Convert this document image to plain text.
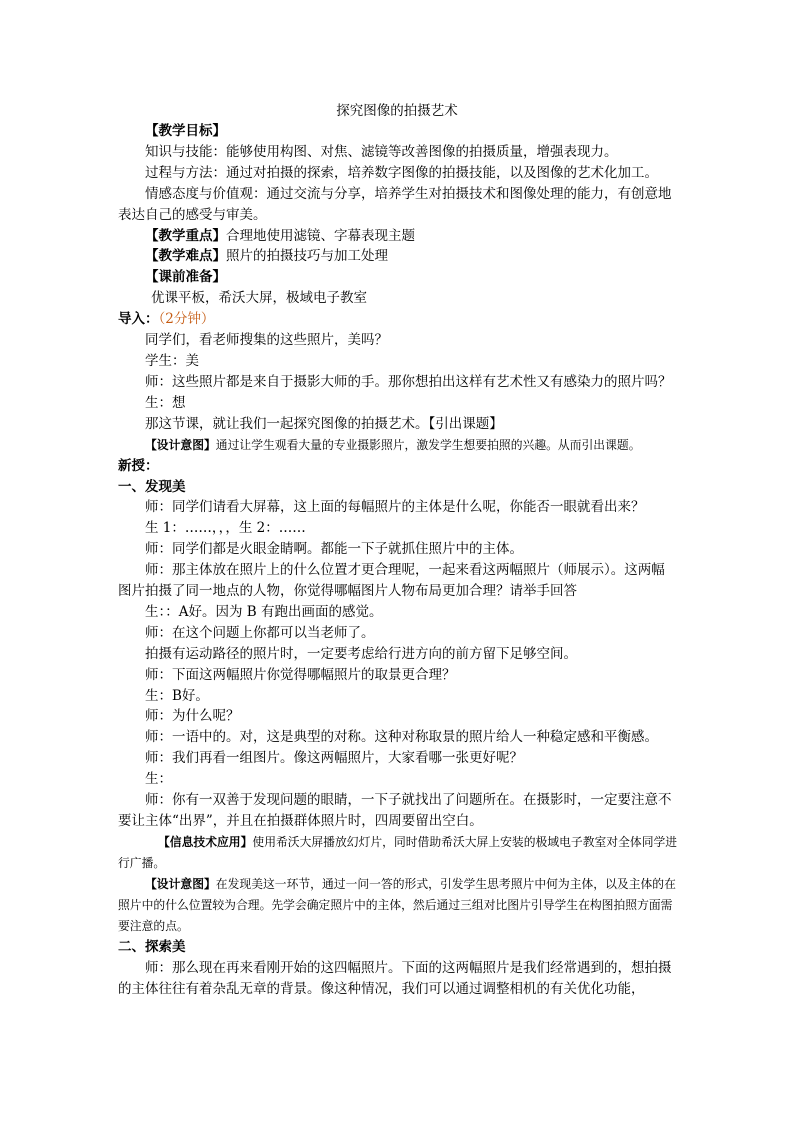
探究图像的拍摄艺术

【教学目标】

知识与技能：能够使用构图、对焦、滤镜等改善图像的拍摄质量，增强表现力。

过程与方法：通过对拍摄的探索，培养数字图像的拍摄技能，以及图像的艺术化加工。

情感态度与价值观：通过交流与分享，培养学生对拍摄技术和图像处理的能力，有创意地表达自己的感受与审美。

【教学重点】合理地使用滤镜、字幕表现主题

【教学难点】照片的拍摄技巧与加工处理

【课前准备】

优课平板，希沃大屏，极域电子教室

导入：（2分钟）

同学们，看老师搜集的这些照片，美吗？

学生：美

师：这些照片都是来自于摄影大师的手。那你想拍出这样有艺术性又有感染力的照片吗？

生：想

那这节课，就让我们一起探究图像的拍摄艺术。【引出课题】

【设计意图】通过让学生观看大量的专业摄影照片，激发学生想要拍照的兴趣。从而引出课题。

新授：

一、发现美

师：同学们请看大屏幕，这上面的每幅照片的主体是什么呢，你能否一眼就看出来？

生 1：……，，，生 2：……

师：同学们都是火眼金睛啊。都能一下子就抓住照片中的主体。

师：那主体放在照片上的什么位置才更合理呢，一起来看这两幅照片（师展示）。这两幅图片拍摄了同一地点的人物，你觉得哪幅图片人物布局更加合理？请举手回答

生：：A好。因为 B 有跑出画面的感觉。

师：在这个问题上你都可以当老师了。

拍摄有运动路径的照片时，一定要考虑给行进方向的前方留下足够空间。

师：下面这两幅照片你觉得哪幅照片的取景更合理？

生：B好。

师：为什么呢？

师：一语中的。对，这是典型的对称。这种对称取景的照片给人一种稳定感和平衡感。

师：我们再看一组图片。像这两幅照片，大家看哪一张更好呢？

生：

师：你有一双善于发现问题的眼睛，一下子就找出了问题所在。在摄影时，一定要注意不要让主体“出界”，并且在拍摄群体照片时，四周要留出空白。

【信息技术应用】使用希沃大屏播放幻灯片，同时借助希沃大屏上安装的极域电子教室对全体同学进行广播。

【设计意图】在发现美这一环节，通过一问一答的形式，引发学生思考照片中何为主体，以及主体的在照片中的什么位置较为合理。先学会确定照片中的主体，然后通过三组对比图片引导学生在构图拍照方面需要注意的点。

二、探索美

师：那么现在再来看刚开始的这四幅照片。下面的这两幅照片是我们经常遇到的，想拍摄的主体往往有着杂乱无章的背景。像这种情况，我们可以通过调整相机的有关优化功能，
